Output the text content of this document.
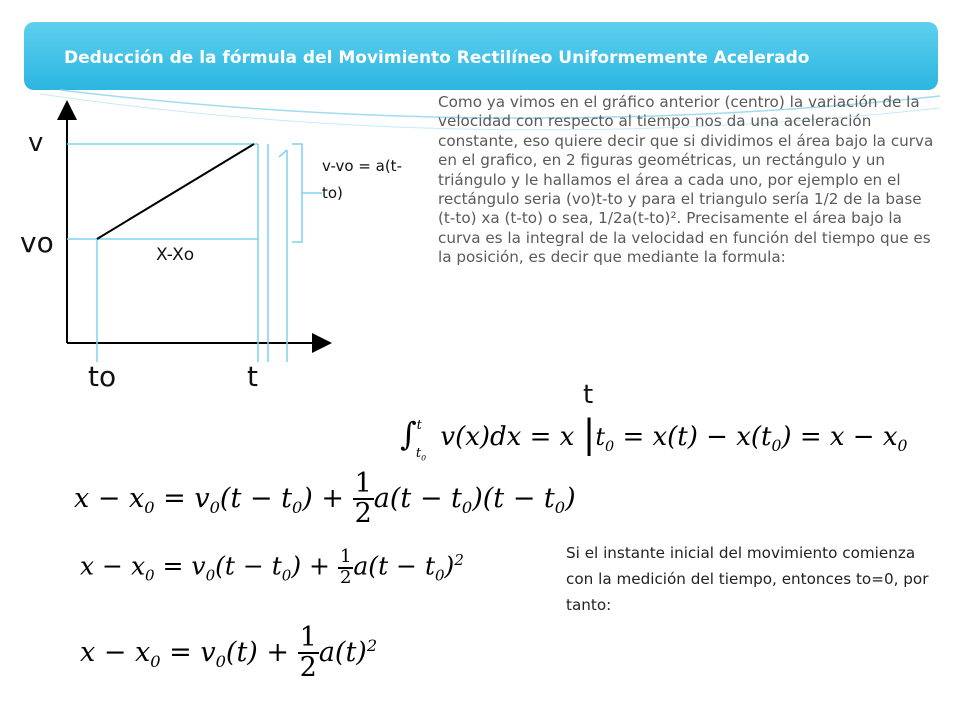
Deducción de la fórmula del Movimiento Rectilíneo Uniformemente Acelerado
v
vo
to	t
X-Xo
v-vo = a(t-
to)
Como ya vimos en el gráfico anterior (centro) la variación de la velocidad con respecto al tiempo nos da una aceleración constante, eso quiere decir que si dividimos el área bajo la curva en el grafico, en 2 figuras geométricas, un rectángulo y un triángulo y le hallamos el área a cada uno, por ejemplo en el rectángulo seria (vo)t-to y para el triangulo sería 1/2 de la base (t-to) xa (t-to) o sea, 1/2a(t-to)². Precisamente el área bajo la curva es la integral de la velocidad en función del tiempo que es la posición, es decir que mediante la formula:
t
∫$^t_{t_0}$ v(x)dx = x $|t_0 = x(t) - x(t_0) = x - x_0$
$x - x_0 = v_0(t - t_0) + \frac{1}{2} a(t - t_0)(t - t_0)$
$x - x_0 = v_0(t - t_0) + \frac{1}{2} a(t - t_0)^2$
$x - x_0 = v_0(t) + \frac{1}{2} a(t)^2$
Si el instante inicial del movimiento comienza con la medición del tiempo, entonces to=0, por tanto:
